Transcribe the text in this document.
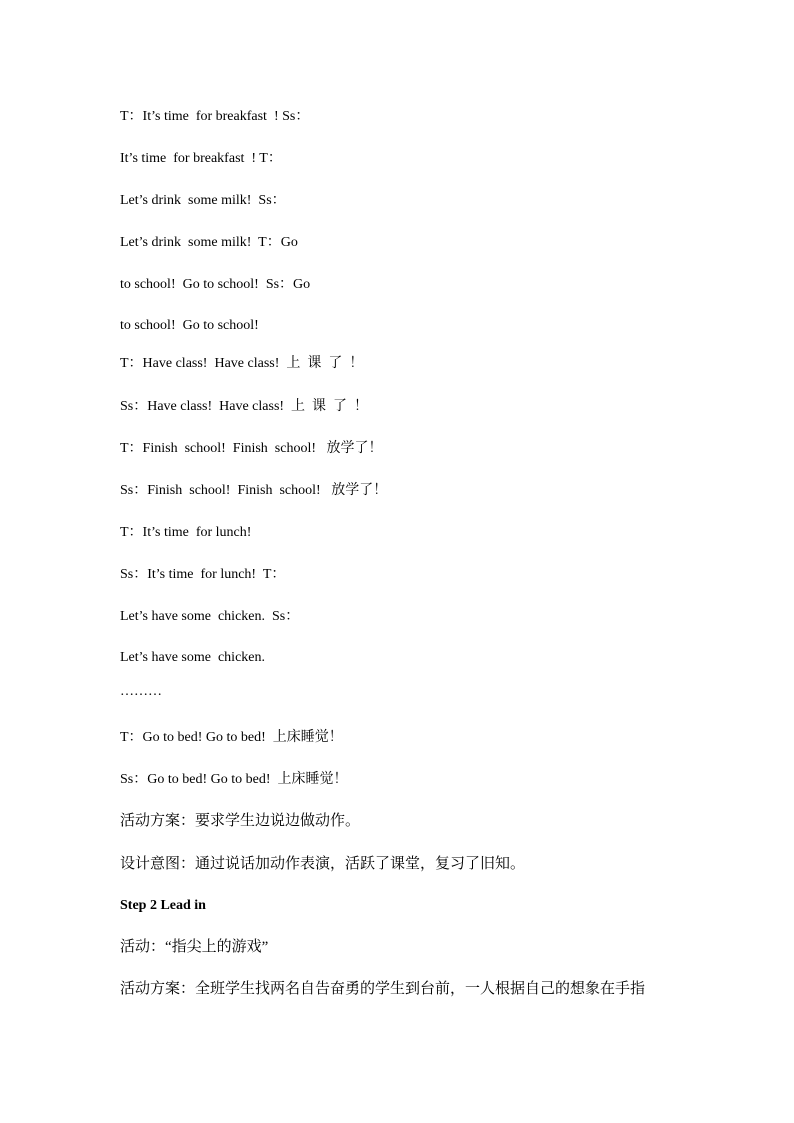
T：It’s time  for breakfast  ! Ss：
It’s time  for breakfast  ! T：
Let’s drink  some milk!  Ss：
Let’s drink  some milk!  T：Go
to school!  Go to school!  Ss：Go
to school!  Go to school!
T：Have class!  Have class!  上  课  了  ！
Ss：Have class!  Have class!  上  课  了  ！
T：Finish  school!  Finish  school!   放学了！
Ss：Finish  school!  Finish  school!   放学了！
T：It’s time  for lunch!
Ss：It’s time  for lunch!  T：
Let’s have some  chicken.  Ss：
Let’s have some  chicken.
………
T：Go to bed! Go to bed!  上床睡觉！
Ss：Go to bed! Go to bed!  上床睡觉！
活动方案：要求学生边说边做动作。
设计意图：通过说话加动作表演，活跃了课堂，复习了旧知。
Step 2 Lead in
活动：“指尖上的游戏”
活动方案：全班学生找两名自告奋勇的学生到台前，一人根据自己的想象在手指
